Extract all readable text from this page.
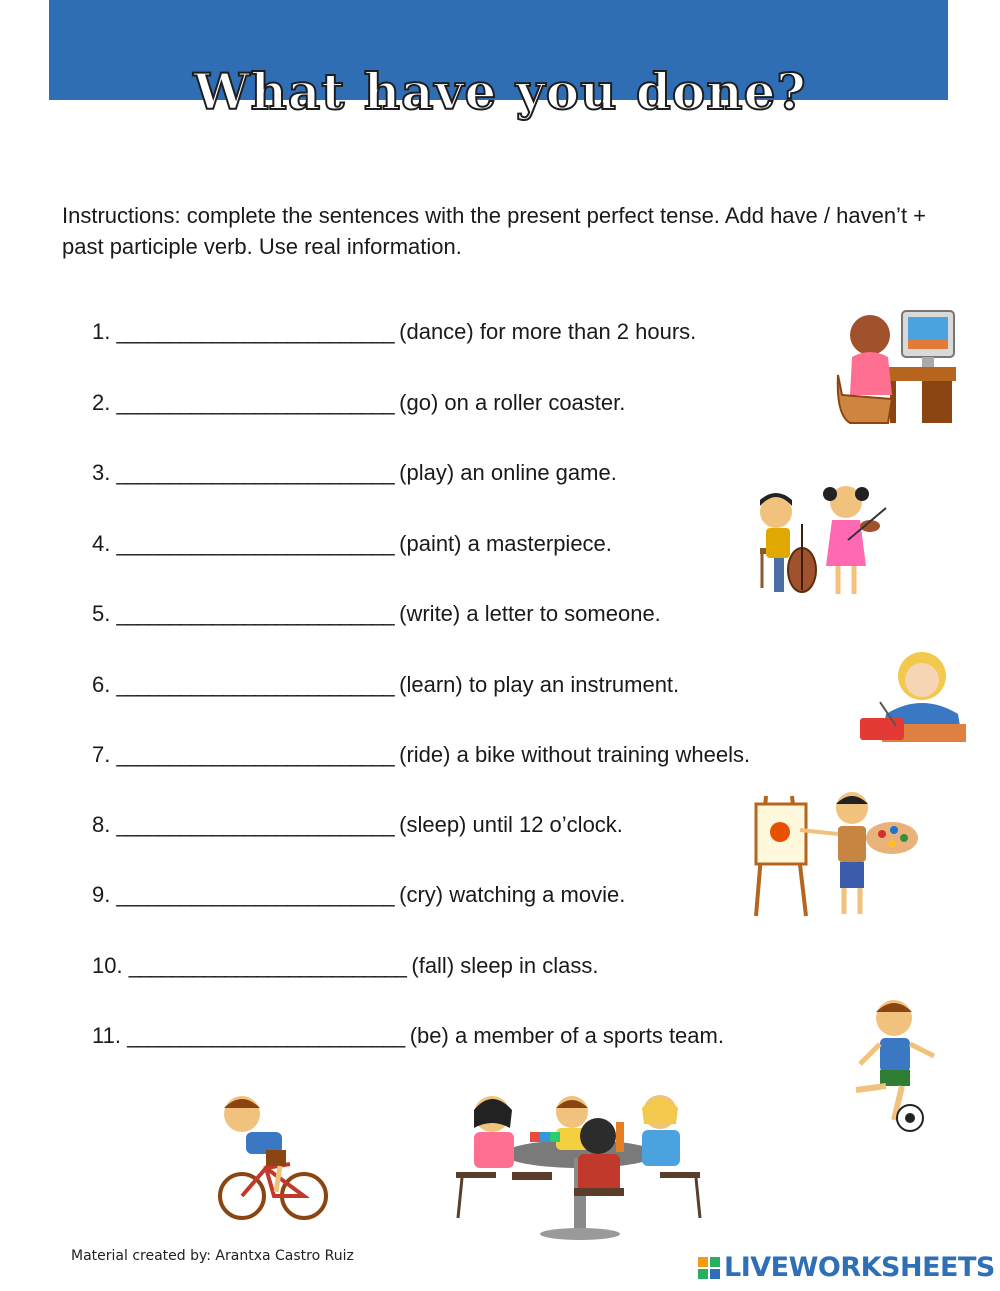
What have you done?
Instructions: complete the sentences with the present perfect tense. Add have / haven’t + past participle verb. Use real information.
1. __________________________ (dance) for more than 2 hours.
2. __________________________ (go) on a roller coaster.
3. __________________________ (play) an online game.
4. __________________________ (paint) a masterpiece.
5. __________________________ (write) a letter to someone.
6. __________________________ (learn) to play an instrument.
7. __________________________ (ride) a bike without training wheels.
8. __________________________ (sleep) until 12 o’clock.
9. __________________________ (cry) watching a movie.
10. __________________________ (fall) sleep in class.
11. __________________________ (be) a member of a sports team.
Material created by: Arantxa Castro Ruiz	LIVEWORKSHEETS
